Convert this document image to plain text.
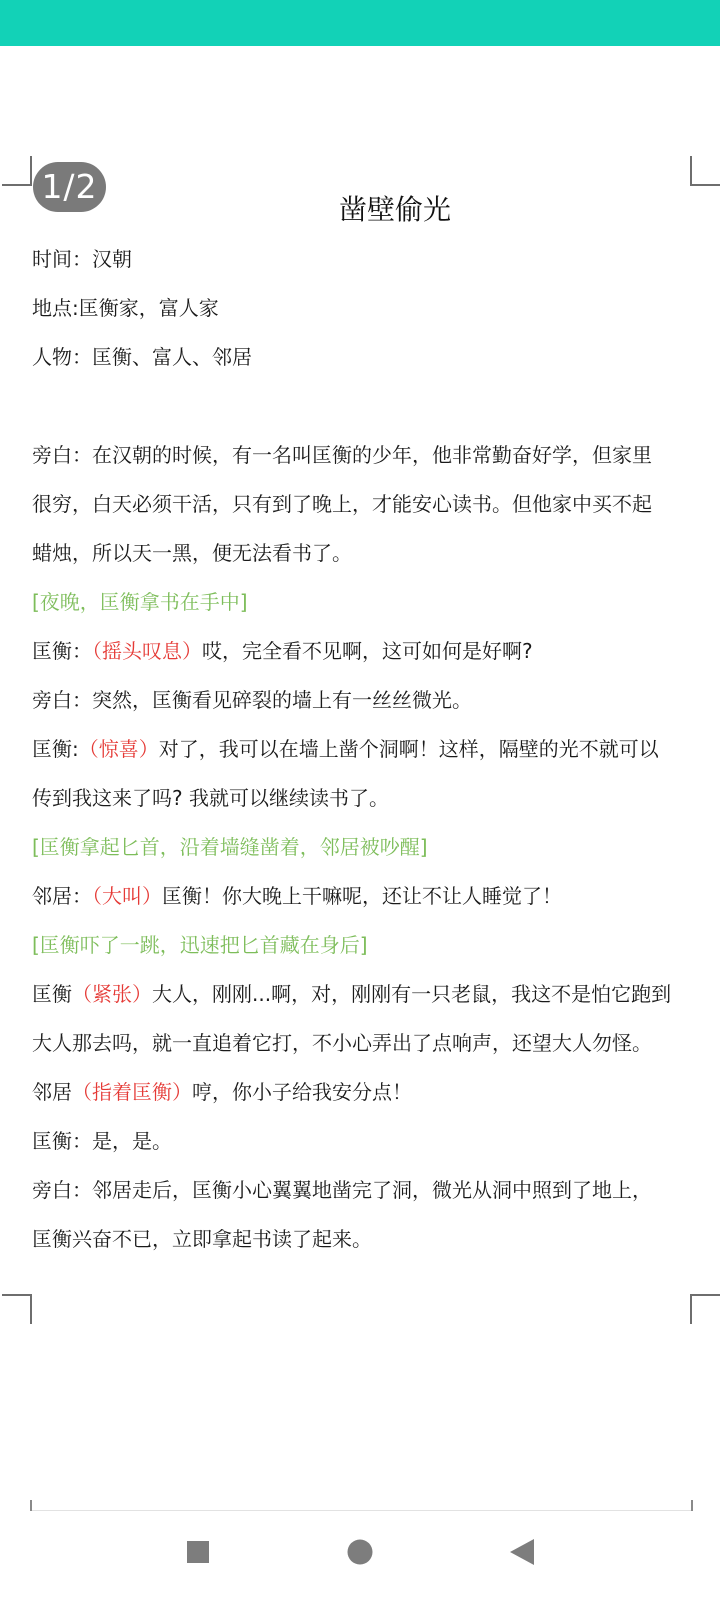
1/2
凿壁偷光

时间：汉朝

地点:匡衡家，富人家

人物：匡衡、富人、邻居

旁白：在汉朝的时候，有一名叫匡衡的少年，他非常勤奋好学，但家里

很穷，白天必须干活，只有到了晚上，才能安心读书。但他家中买不起

蜡烛，所以天一黑，便无法看书了。

[夜晚，匡衡拿书在手中]

匡衡：（摇头叹息）哎，完全看不见啊，这可如何是好啊?

旁白：突然，匡衡看见碎裂的墙上有一丝丝微光。

匡衡:（惊喜）对了，我可以在墙上凿个洞啊！这样，隔壁的光不就可以

传到我这来了吗? 我就可以继续读书了。

[匡衡拿起匕首，沿着墙缝凿着，邻居被吵醒]

邻居：（大叫）匡衡！你大晚上干嘛呢，还让不让人睡觉了！

[匡衡吓了一跳，迅速把匕首藏在身后]

匡衡（紧张）大人，刚刚...啊，对，刚刚有一只老鼠，我这不是怕它跑到

大人那去吗，就一直追着它打，不小心弄出了点响声，还望大人勿怪。

邻居（指着匡衡）哼，你小子给我安分点！

匡衡：是，是。

旁白：邻居走后，匡衡小心翼翼地凿完了洞，微光从洞中照到了地上，

匡衡兴奋不已，立即拿起书读了起来。
